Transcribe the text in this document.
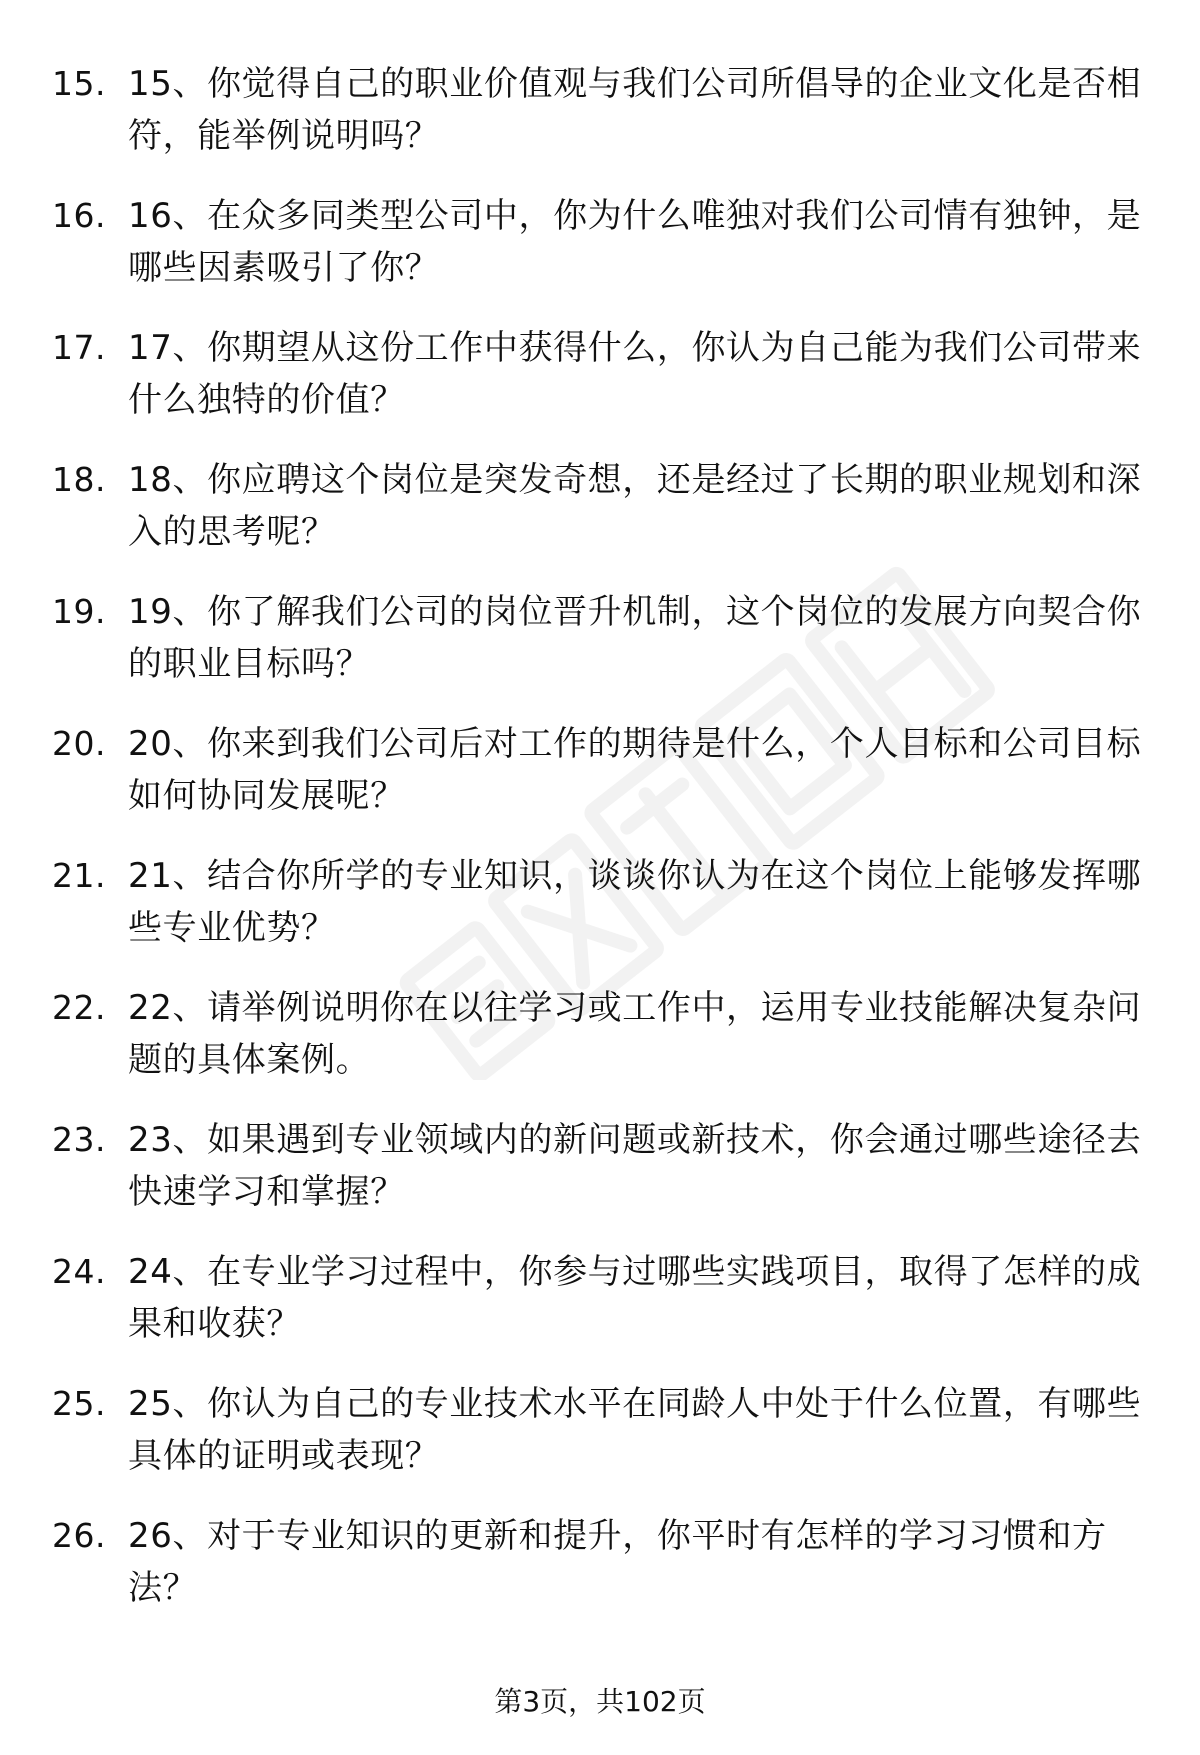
15. 15、你觉得自己的职业价值观与我们公司所倡导的企业文化是否相符，能举例说明吗？
16. 16、在众多同类型公司中，你为什么唯独对我们公司情有独钟，是哪些因素吸引了你？
17. 17、你期望从这份工作中获得什么，你认为自己能为我们公司带来什么独特的价值？
18. 18、你应聘这个岗位是突发奇想，还是经过了长期的职业规划和深入的思考呢？
19. 19、你了解我们公司的岗位晋升机制，这个岗位的发展方向契合你的职业目标吗？
20. 20、你来到我们公司后对工作的期待是什么，个人目标和公司目标如何协同发展呢？
21. 21、结合你所学的专业知识，谈谈你认为在这个岗位上能够发挥哪些专业优势？
22. 22、请举例说明你在以往学习或工作中，运用专业技能解决复杂问题的具体案例。
23. 23、如果遇到专业领域内的新问题或新技术，你会通过哪些途径去快速学习和掌握？
24. 24、在专业学习过程中，你参与过哪些实践项目，取得了怎样的成果和收获？
25. 25、你认为自己的专业技术水平在同龄人中处于什么位置，有哪些具体的证明或表现？
26. 26、对于专业知识的更新和提升，你平时有怎样的学习习惯和方法？
第3页，共102页
